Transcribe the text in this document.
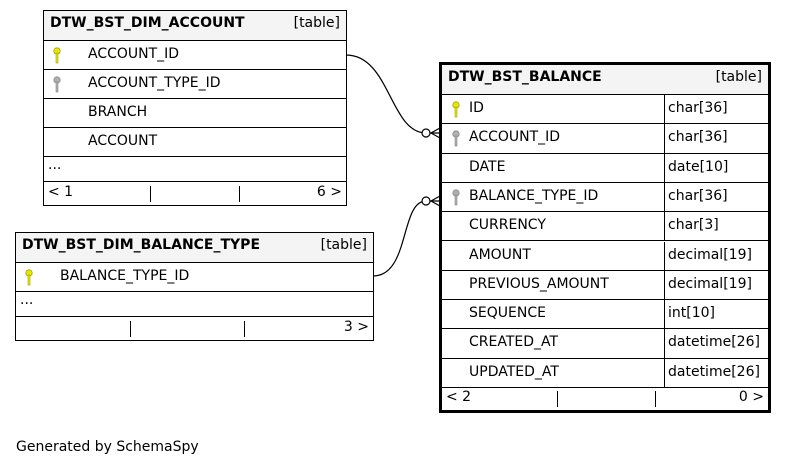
DTW_BST_DIM_ACCOUNT	[table]
ACCOUNT_ID
ACCOUNT_TYPE_ID
BRANCH
ACCOUNT
...
< 1	6 >
DTW_BST_DIM_BALANCE_TYPE	[table]
BALANCE_TYPE_ID
...
3 >
DTW_BST_BALANCE	[table]
ID	char[36]
ACCOUNT_ID	char[36]
DATE	date[10]
BALANCE_TYPE_ID	char[36]
CURRENCY	char[3]
AMOUNT	decimal[19]
PREVIOUS_AMOUNT	decimal[19]
SEQUENCE	int[10]
CREATED_AT	datetime[26]
UPDATED_AT	datetime[26]
< 2	0 >
Generated by SchemaSpy
